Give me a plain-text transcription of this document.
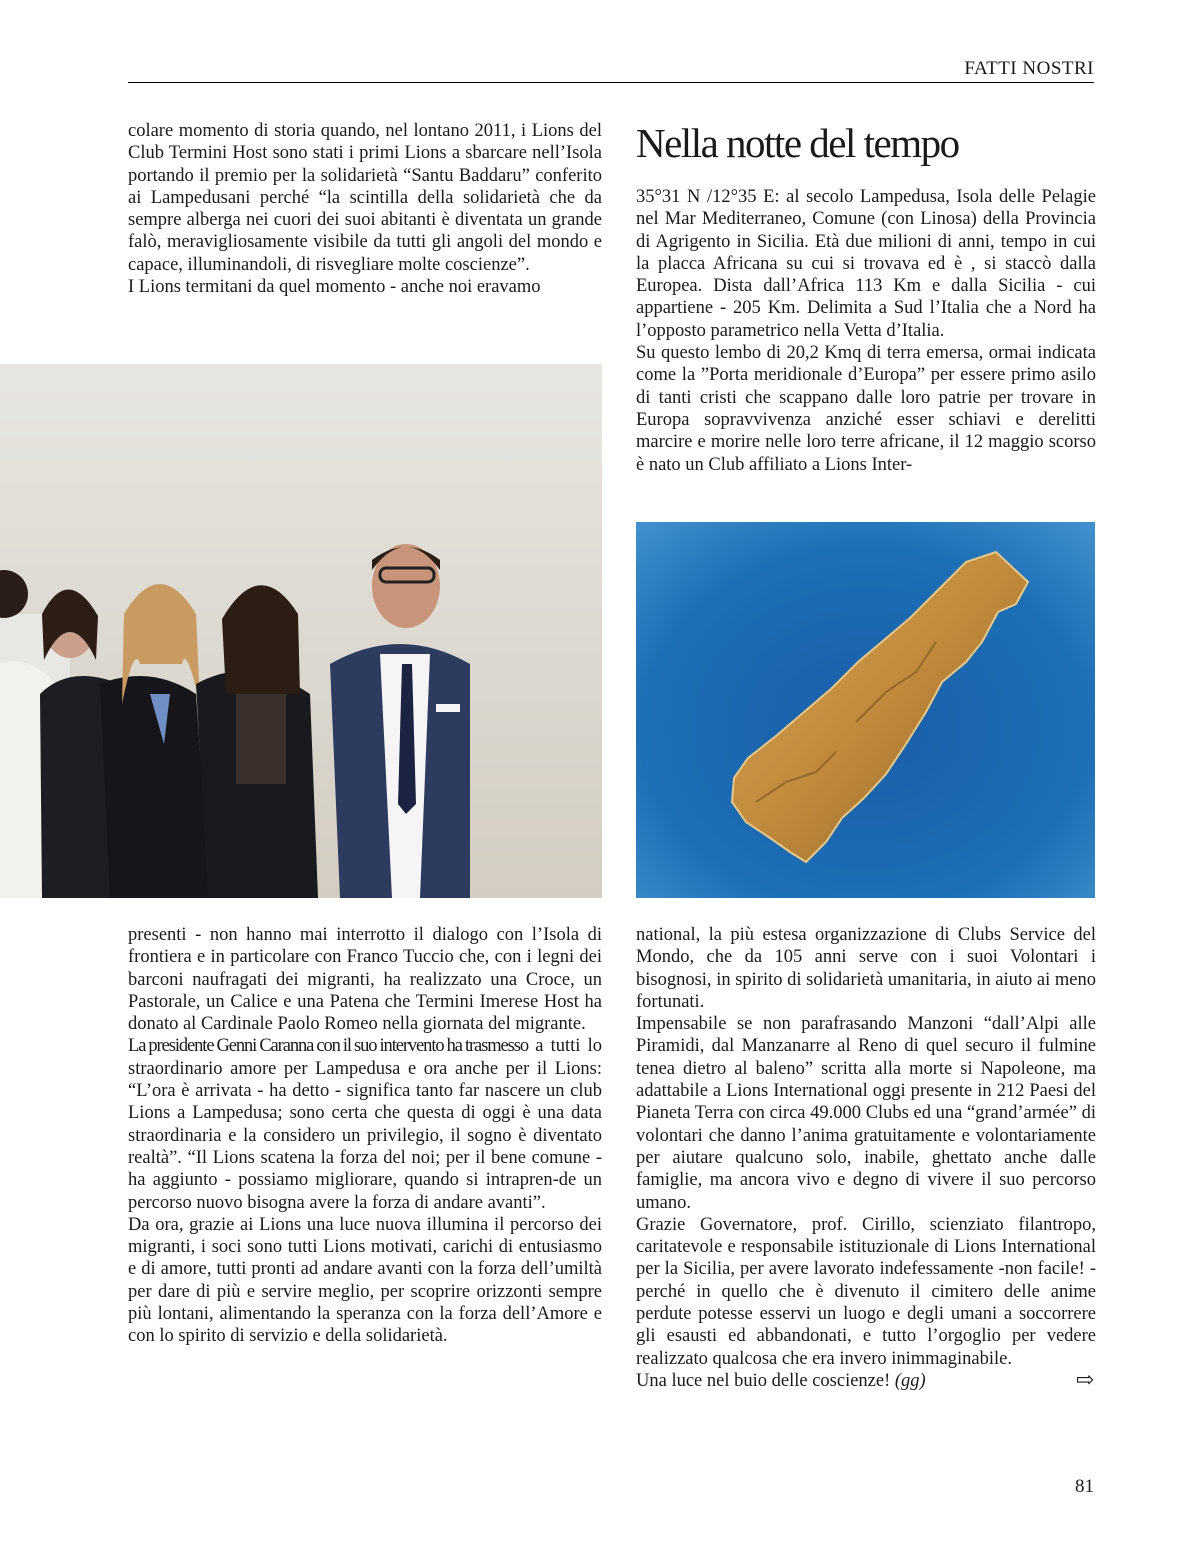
FATTI NOSTRI

colare momento di storia quando, nel lontano 2011, i Lions del Club Termini Host sono stati i primi Lions a sbarcare nell’Isola portando il premio per la solidarietà “Santu Baddaru” conferito ai Lampedusani perché “la scintilla della solidarietà che da sempre alberga nei cuori dei suoi abitanti è diventata un grande falò, meravigliosamente visibile da tutti gli angoli del mondo e capace, illuminandoli, di risvegliare molte coscienze”.

I Lions termitani da quel momento - anche noi eravamo

Nella notte del tempo

35°31 N /12°35 E: al secolo Lampedusa, Isola delle Pelagie nel Mar Mediterraneo, Comune (con Linosa) della Provincia di Agrigento in Sicilia. Età due milioni di anni, tempo in cui la placca Africana su cui si trovava ed è , si staccò dalla Europea. Dista dall’Africa 113 Km e dalla Sicilia - cui appartiene - 205 Km. Delimita a Sud l’Italia che a Nord ha l’opposto parametrico nella Vetta d’Italia.

Su questo lembo di 20,2 Kmq di terra emersa, ormai indicata come la ”Porta meridionale d’Europa” per essere primo asilo di tanti cristi che scappano dalle loro patrie per trovare in Europa sopravvivenza anziché esser schiavi e derelitti marcire e morire nelle loro terre africane, il 12 maggio scorso è nato un Club affiliato a Lions Inter-

presenti - non hanno mai interrotto il dialogo con l’Isola di frontiera e in particolare con Franco Tuccio che, con i legni dei barconi naufragati dei migranti, ha realizzato una Croce, un Pastorale, un Calice e una Patena che Termini Imerese Host ha donato al Cardinale Paolo Romeo nella giornata del migrante.

La presidente Genni Caranna con il suo intervento ha trasmesso a tutti lo straordinario amore per Lampedusa e ora anche per il Lions: “L’ora è arrivata - ha detto - significa tanto far nascere un club Lions a Lampedusa; sono certa che questa di oggi è una data straordinaria e la considero un privilegio, il sogno è diventato realtà”. “Il Lions scatena la forza del noi; per il bene comune - ha aggiunto - possiamo migliorare, quando si intrapren-de un percorso nuovo bisogna avere la forza di andare avanti”.

Da ora, grazie ai Lions una luce nuova illumina il percorso dei migranti, i soci sono tutti Lions motivati, carichi di entusiasmo e di amore, tutti pronti ad andare avanti con la forza dell’umiltà per dare di più e servire meglio, per scoprire orizzonti sempre più lontani, alimentando la speranza con la forza dell’Amore e con lo spirito di servizio e della solidarietà.

national, la più estesa organizzazione di Clubs Service del Mondo, che da 105 anni serve con i suoi Volontari i bisognosi, in spirito di solidarietà umanitaria, in aiuto ai meno fortunati.

Impensabile se non parafrasando Manzoni “dall’Alpi alle Piramidi, dal Manzanarre al Reno di quel securo il fulmine tenea dietro al baleno” scritta alla morte si Napoleone, ma adattabile a Lions International oggi presente in 212 Paesi del Pianeta Terra con circa 49.000 Clubs ed una “grand’armée” di volontari che danno l’anima gratuitamente e volontariamente per aiutare qualcuno solo, inabile, ghettato anche dalle famiglie, ma ancora vivo e degno di vivere il suo percorso umano.

Grazie Governatore, prof. Cirillo, scienziato filantropo, caritatevole e responsabile istituzionale di Lions International per la Sicilia, per avere lavorato indefessamente -non facile! - perché in quello che è divenuto il cimitero delle anime perdute potesse esservi un luogo e degli umani a soccorrere gli esausti ed abbandonati, e tutto l’orgoglio per vedere realizzato qualcosa che era invero inimmaginabile.

Una luce nel buio delle coscienze! (gg)	⇨

81
